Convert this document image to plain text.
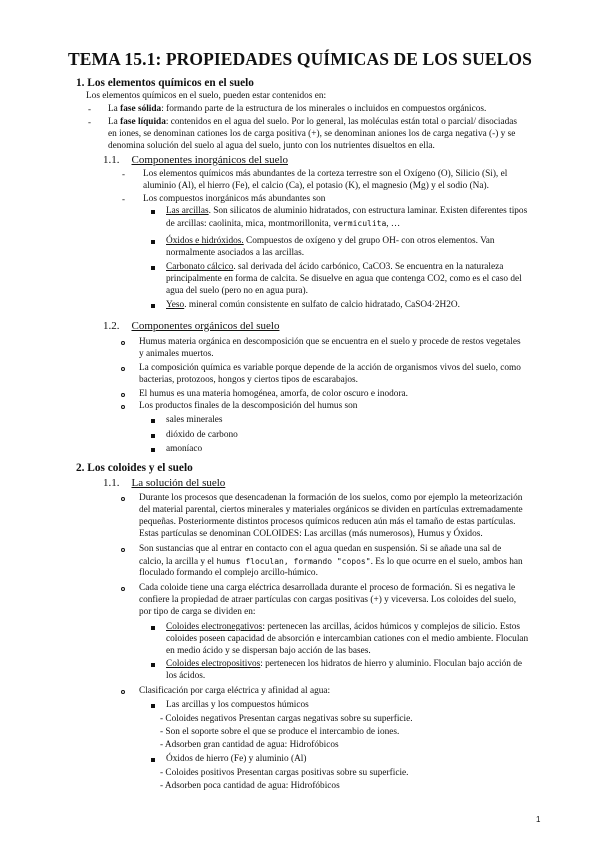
TEMA 15.1: PROPIEDADES QUÍMICAS DE LOS SUELOS
1. Los elementos químicos en el suelo
Los elementos químicos en el suelo, pueden estar contenidos en:
- La fase sólida: formando parte de la estructura de los minerales o incluidos en compuestos orgánicos.
- La fase líquida: contenidos en el agua del suelo. Por lo general, las moléculas están total o parcial/ disociadas
en iones, se denominan cationes los de carga positiva (+), se denominan aniones los de carga negativa (-) y se
denomina solución del suelo al agua del suelo, junto con los nutrientes disueltos en ella.
1.1. Componentes inorgánicos del suelo
- Los elementos químicos más abundantes de la corteza terrestre son el Oxígeno (O), Silicio (Si), el
aluminio (Al), el hierro (Fe), el calcio (Ca), el potasio (K), el magnesio (Mg) y el sodio (Na).
- Los compuestos inorgánicos más abundantes son
Las arcillas. Son silicatos de aluminio hidratados, con estructura laminar. Existen diferentes tipos
de arcillas: caolinita, mica, montmorillonita, vermiculita, …
Óxidos e hidróxidos. Compuestos de oxígeno y del grupo OH- con otros elementos. Van
normalmente asociados a las arcillas.
Carbonato cálcico. sal derivada del ácido carbónico, CaCO3. Se encuentra en la naturaleza
principalmente en forma de calcita. Se disuelve en agua que contenga CO2, como es el caso del
agua del suelo (pero no en agua pura).
Yeso. mineral común consistente en sulfato de calcio hidratado, CaSO4·2H2O.
1.2. Componentes orgánicos del suelo
Humus materia orgánica en descomposición que se encuentra en el suelo y procede de restos vegetales
y animales muertos.
La composición química es variable porque depende de la acción de organismos vivos del suelo, como
bacterias, protozoos, hongos y ciertos tipos de escarabajos.
El humus es una materia homogénea, amorfa, de color oscuro e inodora.
Los productos finales de la descomposición del humus son
sales minerales
dióxido de carbono
amoníaco
2. Los coloides y el suelo
1.1. La solución del suelo
Durante los procesos que desencadenan la formación de los suelos, como por ejemplo la meteorización
del material parental, ciertos minerales y materiales orgánicos se dividen en partículas extremadamente
pequeñas. Posteriormente distintos procesos químicos reducen aún más el tamaño de estas partículas.
Estas partículas se denominan COLOIDES: Las arcillas (más numerosos), Humus y Óxidos.
Son sustancias que al entrar en contacto con el agua quedan en suspensión. Si se añade una sal de
calcio, la arcilla y el humus floculan, formando "copos". Es lo que ocurre en el suelo, ambos han
floculado formando el complejo arcillo-húmico.
Cada coloide tiene una carga eléctrica desarrollada durante el proceso de formación. Si es negativa le
confiere la propiedad de atraer partículas con cargas positivas (+) y viceversa. Los coloides del suelo,
por tipo de carga se dividen en:
Coloides electronegativos: pertenecen las arcillas, ácidos húmicos y complejos de silicio. Estos
coloides poseen capacidad de absorción e intercambian cationes con el medio ambiente. Floculan
en medio ácido y se dispersan bajo acción de las bases.
Coloides electropositivos: pertenecen los hidratos de hierro y aluminio. Floculan bajo acción de
los ácidos.
Clasificación por carga eléctrica y afinidad al agua:
Las arcillas y los compuestos húmicos
- Coloides negativos Presentan cargas negativas sobre su superficie.
- Son el soporte sobre el que se produce el intercambio de iones.
- Adsorben gran cantidad de agua: Hidrofóbicos
Óxidos de hierro (Fe) y aluminio (Al)
- Coloides positivos Presentan cargas positivas sobre su superficie.
- Adsorben poca cantidad de agua: Hidrofóbicos
1
